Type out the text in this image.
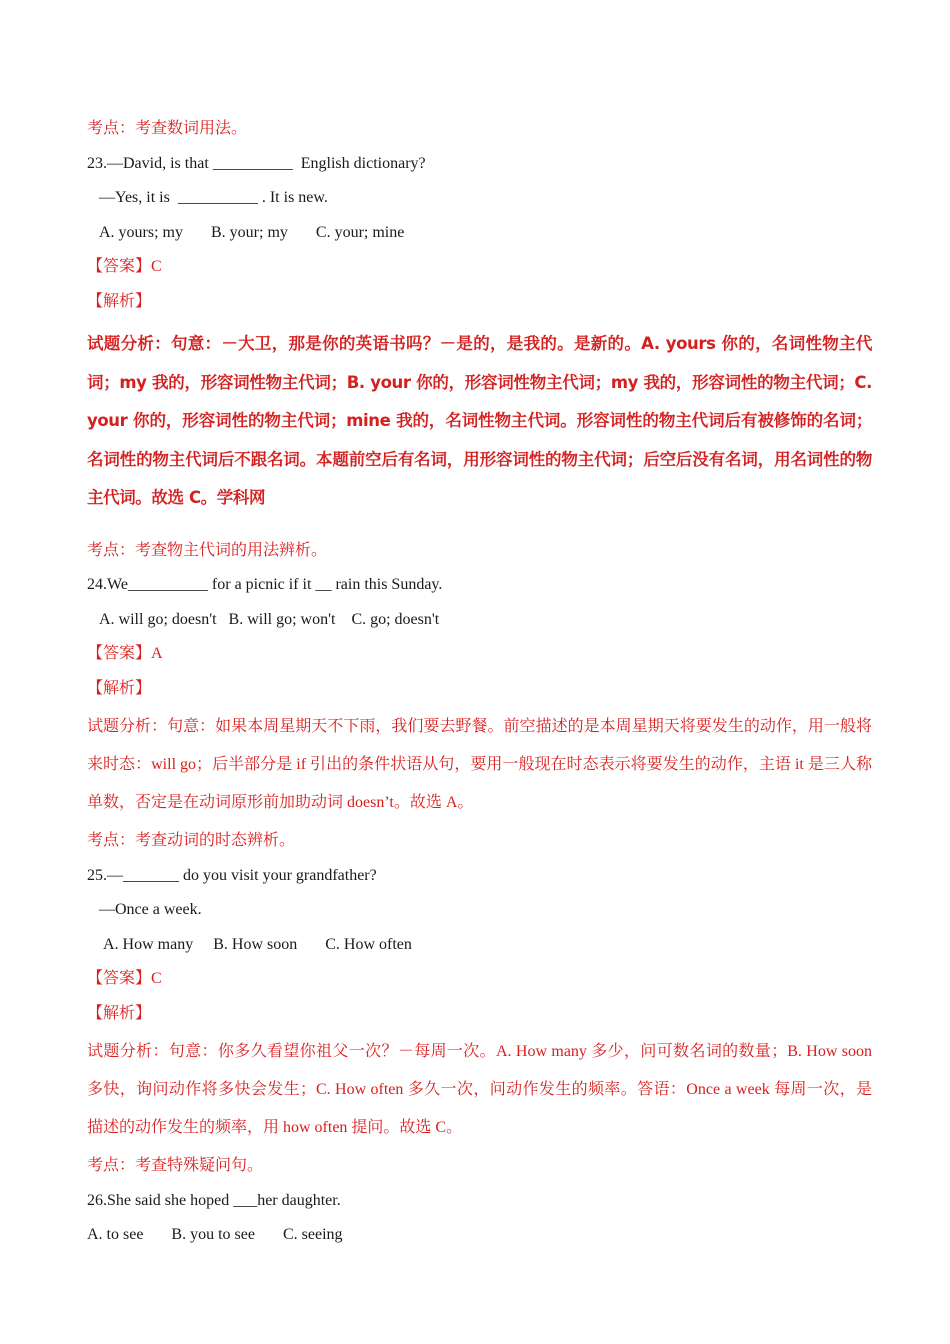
考点：考查数词用法。
23.—David, is that __________  English dictionary?
—Yes, it is  __________ . It is new.
A. yours; my       B. your; my       C. your; mine
【答案】C
【解析】
试题分析：句意：－大卫，那是你的英语书吗？－是的，是我的。是新的。A. yours 你的，名词性物主代词；my 我的，形容词性物主代词；B. your 你的，形容词性物主代词；my 我的，形容词性的物主代词；C. your 你的，形容词性的物主代词；mine 我的，名词性物主代词。形容词性的物主代词后有被修饰的名词；名词性的物主代词后不跟名词。本题前空后有名词，用形容词性的物主代词；后空后没有名词，用名词性的物主代词。故选 C。学科网
考点：考查物主代词的用法辨析。
24.We__________ for a picnic if it __ rain this Sunday.
A. will go; doesn't   B. will go; won't    C. go; doesn't
【答案】A
【解析】
试题分析：句意：如果本周星期天不下雨，我们要去野餐。前空描述的是本周星期天将要发生的动作，用一般将来时态：will go；后半部分是 if 引出的条件状语从句，要用一般现在时态表示将要发生的动作，主语 it 是三人称单数，否定是在动词原形前加助动词 doesn’t。故选 A。
考点：考查动词的时态辨析。
25.—_______ do you visit your grandfather?
—Once a week.
A. How many     B. How soon       C. How often
【答案】C
【解析】
试题分析：句意：你多久看望你祖父一次？－每周一次。A. How many 多少，问可数名词的数量；B. How soon 多快，询问动作将多快会发生；C. How often 多久一次，问动作发生的频率。答语：Once a week 每周一次，是描述的动作发生的频率，用 how often 提问。故选 C。
考点：考查特殊疑问句。
26.She said she hoped ___her daughter.
A. to see       B. you to see       C. seeing
